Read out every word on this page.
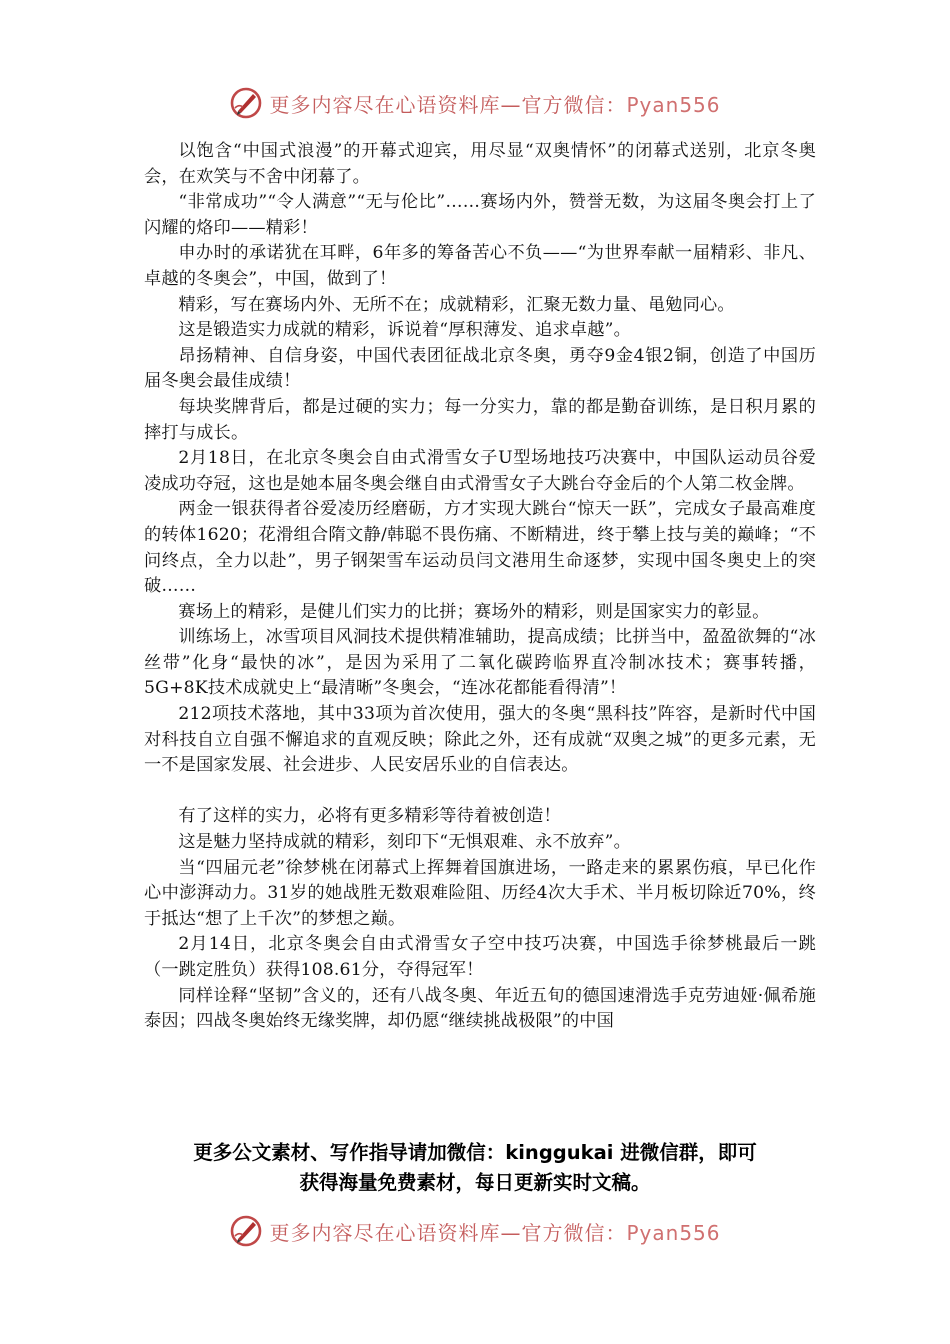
更多内容尽在心语资料库—官方微信：Pyan556

以饱含“中国式浪漫”的开幕式迎宾，用尽显“双奥情怀”的闭幕式送别，北京冬奥会，在欢笑与不舍中闭幕了。

“非常成功”“令人满意”“无与伦比”……赛场内外，赞誉无数，为这届冬奥会打上了闪耀的烙印——精彩！

申办时的承诺犹在耳畔，6年多的筹备苦心不负——“为世界奉献一届精彩、非凡、卓越的冬奥会”，中国，做到了！

精彩，写在赛场内外、无所不在；成就精彩，汇聚无数力量、黾勉同心。

这是锻造实力成就的精彩，诉说着“厚积薄发、追求卓越”。

昂扬精神、自信身姿，中国代表团征战北京冬奥，勇夺9金4银2铜，创造了中国历届冬奥会最佳成绩！

每块奖牌背后，都是过硬的实力；每一分实力，靠的都是勤奋训练，是日积月累的摔打与成长。

2月18日，在北京冬奥会自由式滑雪女子U型场地技巧决赛中，中国队运动员谷爱凌成功夺冠，这也是她本届冬奥会继自由式滑雪女子大跳台夺金后的个人第二枚金牌。

两金一银获得者谷爱凌历经磨砺，方才实现大跳台“惊天一跃”，完成女子最高难度的转体1620；花滑组合隋文静/韩聪不畏伤痛、不断精进，终于攀上技与美的巅峰；“不问终点，全力以赴”，男子钢架雪车运动员闫文港用生命逐梦，实现中国冬奥史上的突破……

赛场上的精彩，是健儿们实力的比拼；赛场外的精彩，则是国家实力的彰显。

训练场上，冰雪项目风洞技术提供精准辅助，提高成绩；比拼当中，盈盈欲舞的“冰丝带”化身“最快的冰”，是因为采用了二氧化碳跨临界直冷制冰技术；赛事转播，5G+8K技术成就史上“最清晰”冬奥会，“连冰花都能看得清”！

212项技术落地，其中33项为首次使用，强大的冬奥“黑科技”阵容，是新时代中国对科技自立自强不懈追求的直观反映；除此之外，还有成就“双奥之城”的更多元素，无一不是国家发展、社会进步、人民安居乐业的自信表达。

有了这样的实力，必将有更多精彩等待着被创造！

这是魅力坚持成就的精彩，刻印下“无惧艰难、永不放弃”。

当“四届元老”徐梦桃在闭幕式上挥舞着国旗进场，一路走来的累累伤痕，早已化作心中澎湃动力。31岁的她战胜无数艰难险阻、历经4次大手术、半月板切除近70%，终于抵达“想了上千次”的梦想之巅。

2月14日，北京冬奥会自由式滑雪女子空中技巧决赛，中国选手徐梦桃最后一跳（一跳定胜负）获得108.61分，夺得冠军！

同样诠释“坚韧”含义的，还有八战冬奥、年近五旬的德国速滑选手克劳迪娅·佩希施泰因；四战冬奥始终无缘奖牌，却仍愿“继续挑战极限”的中国

更多公文素材、写作指导请加微信：kinggukai 进微信群，即可
获得海量免费素材，每日更新实时文稿。
更多内容尽在心语资料库—官方微信：Pyan556
